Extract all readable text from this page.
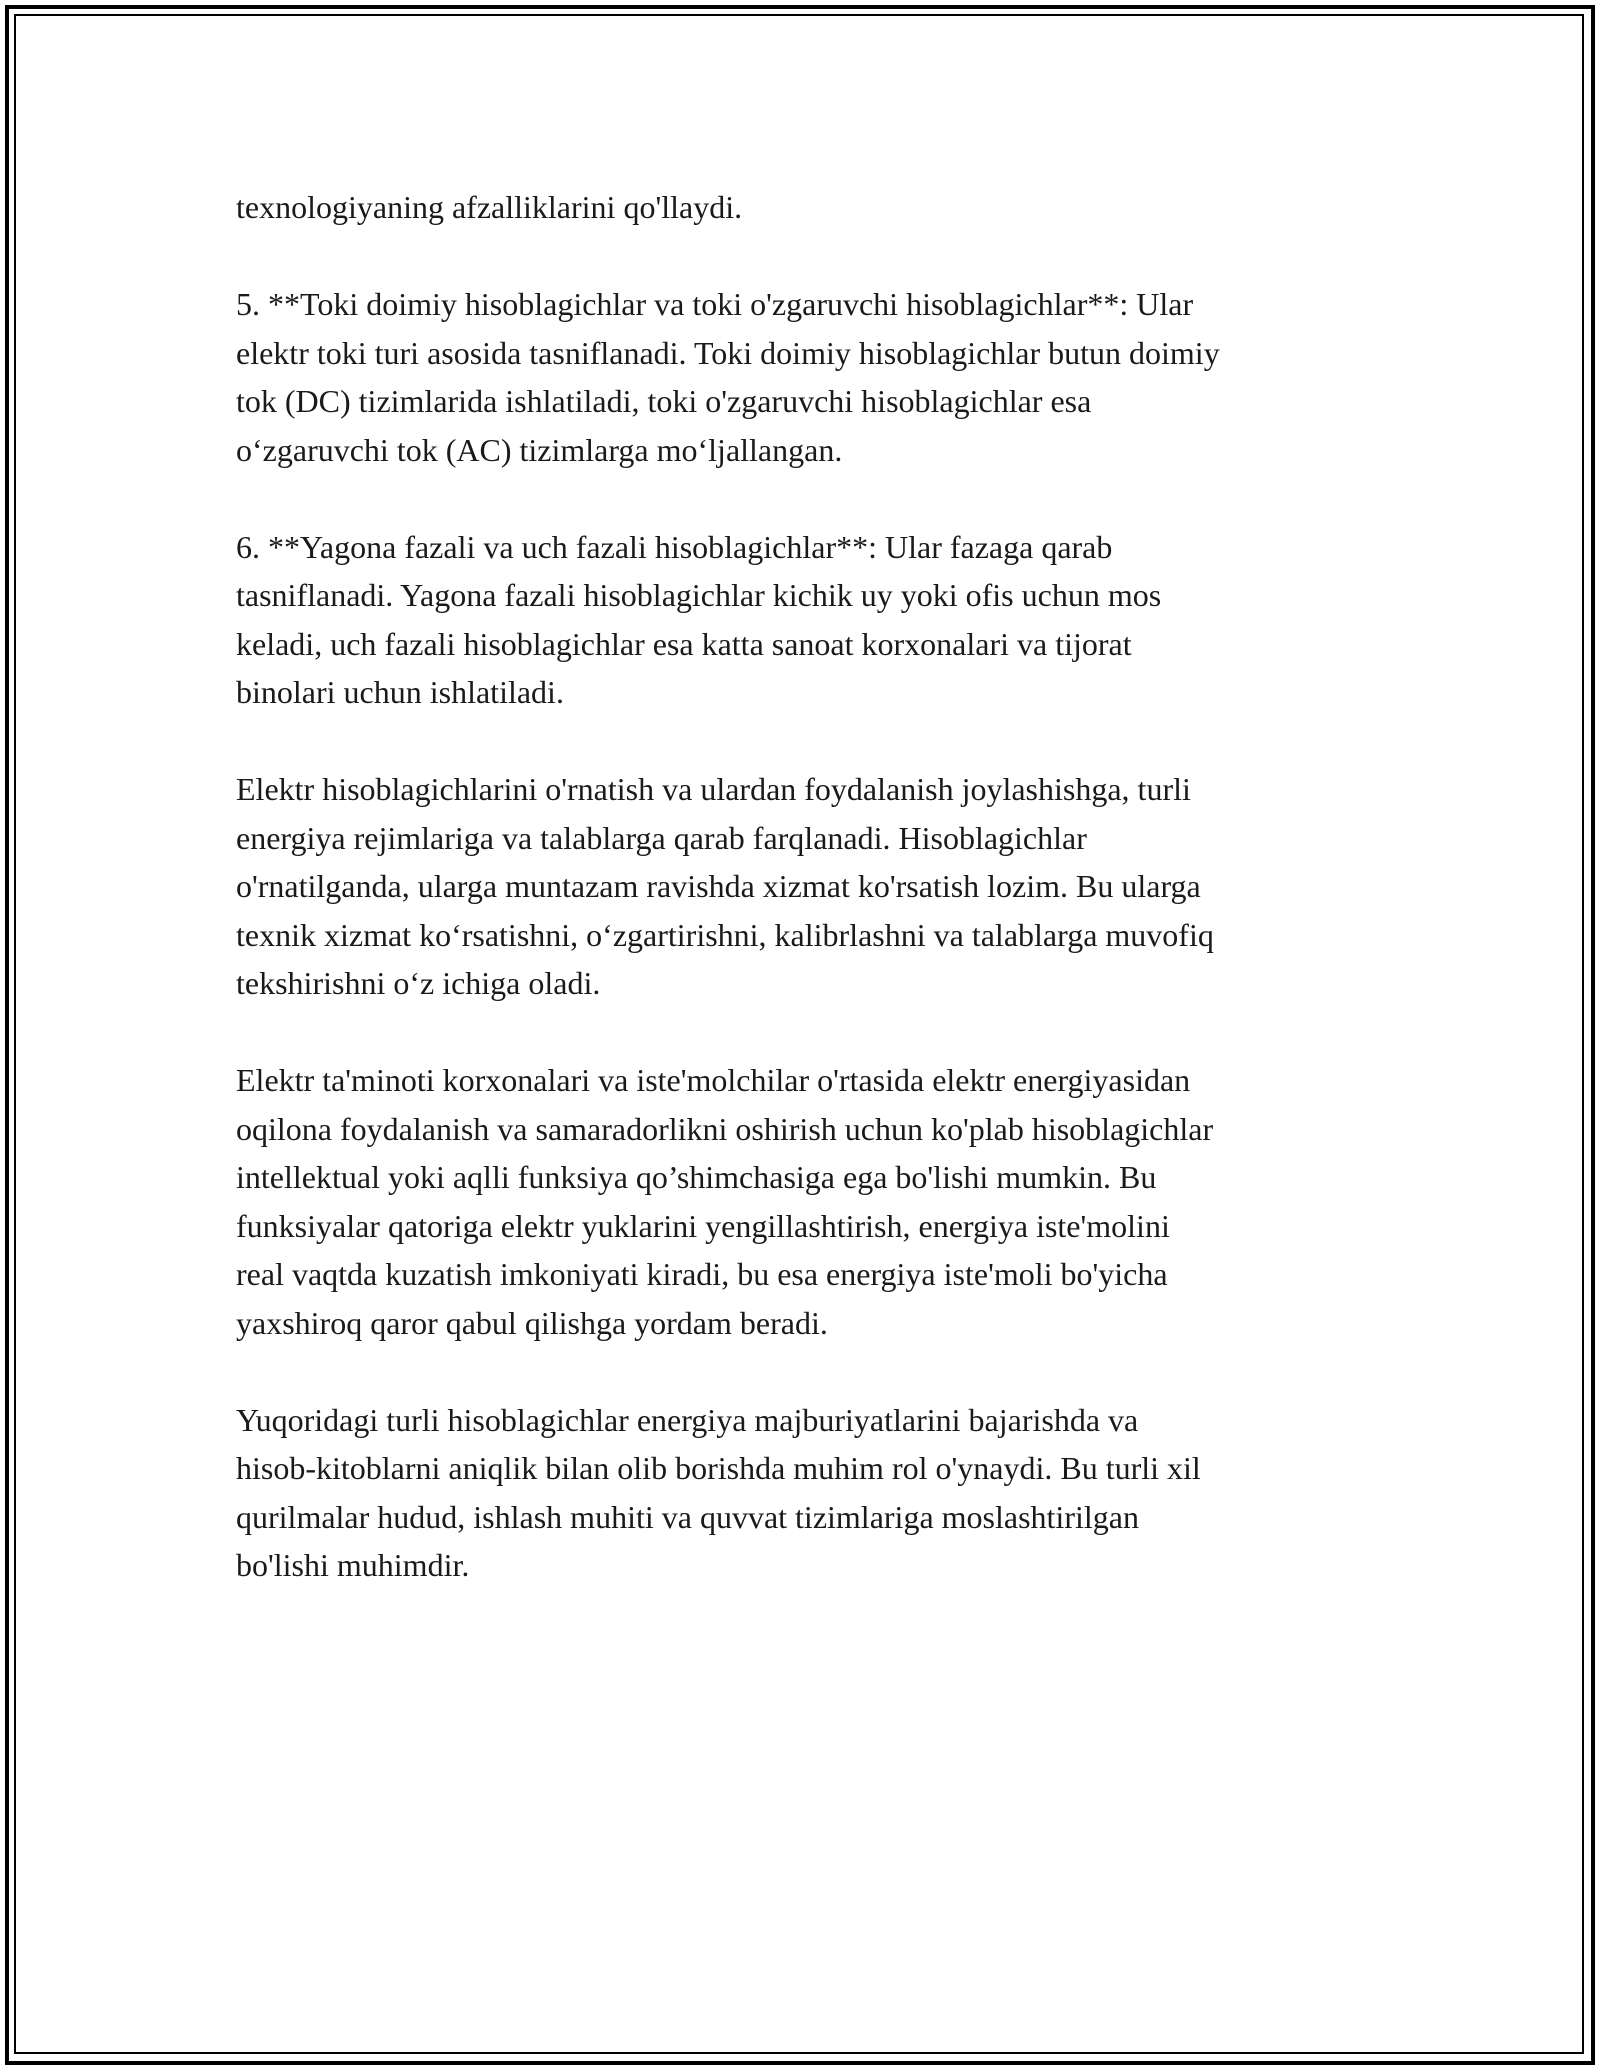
texnologiyaning afzalliklarini qo'llaydi.

5. **Toki doimiy hisoblagichlar va toki o'zgaruvchi hisoblagichlar**: Ular
elektr toki turi asosida tasniflanadi. Toki doimiy hisoblagichlar butun doimiy
tok (DC) tizimlarida ishlatiladi, toki o'zgaruvchi hisoblagichlar esa
o‘zgaruvchi tok (AC) tizimlarga mo‘ljallangan.

6. **Yagona fazali va uch fazali hisoblagichlar**: Ular fazaga qarab
tasniflanadi. Yagona fazali hisoblagichlar kichik uy yoki ofis uchun mos
keladi, uch fazali hisoblagichlar esa katta sanoat korxonalari va tijorat
binolari uchun ishlatiladi.

Elektr hisoblagichlarini o'rnatish va ulardan foydalanish joylashishga, turli
energiya rejimlariga va talablarga qarab farqlanadi. Hisoblagichlar
o'rnatilganda, ularga muntazam ravishda xizmat ko'rsatish lozim. Bu ularga
texnik xizmat ko‘rsatishni, o‘zgartirishni, kalibrlashni va talablarga muvofiq
tekshirishni o‘z ichiga oladi.

Elektr ta'minoti korxonalari va iste'molchilar o'rtasida elektr energiyasidan
oqilona foydalanish va samaradorlikni oshirish uchun ko'plab hisoblagichlar
intellektual yoki aqlli funksiya qo’shimchasiga ega bo'lishi mumkin. Bu
funksiyalar qatoriga elektr yuklarini yengillashtirish, energiya iste'molini
real vaqtda kuzatish imkoniyati kiradi, bu esa energiya iste'moli bo'yicha
yaxshiroq qaror qabul qilishga yordam beradi.

Yuqoridagi turli hisoblagichlar energiya majburiyatlarini bajarishda va
hisob-kitoblarni aniqlik bilan olib borishda muhim rol o'ynaydi. Bu turli xil
qurilmalar hudud, ishlash muhiti va quvvat tizimlariga moslashtirilgan
bo'lishi muhimdir.
